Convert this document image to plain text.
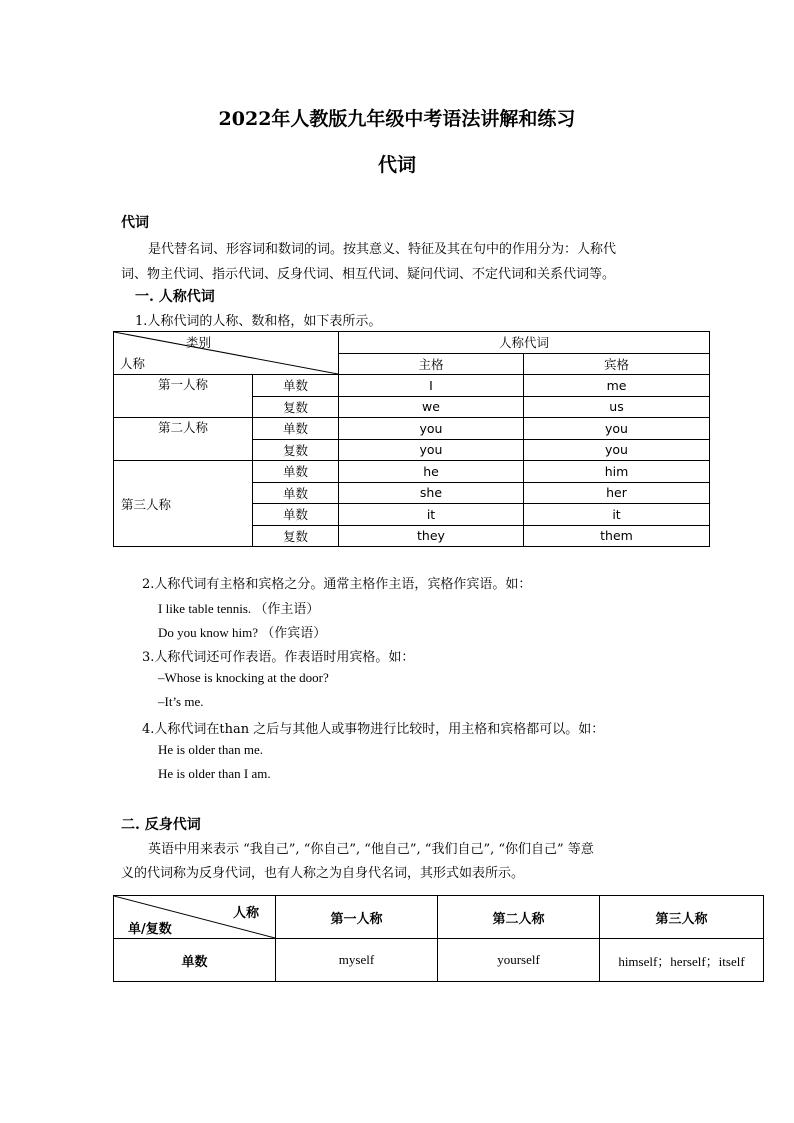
2022年人教版九年级中考语法讲解和练习
代词
代词
是代替名词、形容词和数词的词。按其意义、特征及其在句中的作用分为：人称代
词、物主代词、指示代词、反身代词、相互代词、疑问代词、不定代词和关系代词等。
一. 人称代词
1.人称代词的人称、数和格，如下表所示。
类别
人称		人称代词	
		主格	宾格
第一人称	单数	I	me
	复数	we	us
第二人称	单数	you	you
	复数	you	you
第三人称	单数	he	him
	单数	she	her
	单数	it	it
	复数	they	them
2.人称代词有主格和宾格之分。通常主格作主语，宾格作宾语。如：
I like table tennis. （作主语）
Do you know him? （作宾语）
3.人称代词还可作表语。作表语时用宾格。如：
–Whose is knocking at the door?
–It’s me.
4.人称代词在than 之后与其他人或事物进行比较时，用主格和宾格都可以。如：
He is older than me.
He is older than I am.
二. 反身代词
英语中用来表示 “我自己”, “你自己”, “他自己”, “我们自己”, “你们自己” 等意
义的代词称为反身代词，也有人称之为自身代名词，其形式如表所示。
人称
单/复数	第一人称	第二人称	第三人称
单数	myself	yourself	himself；herself；itself
